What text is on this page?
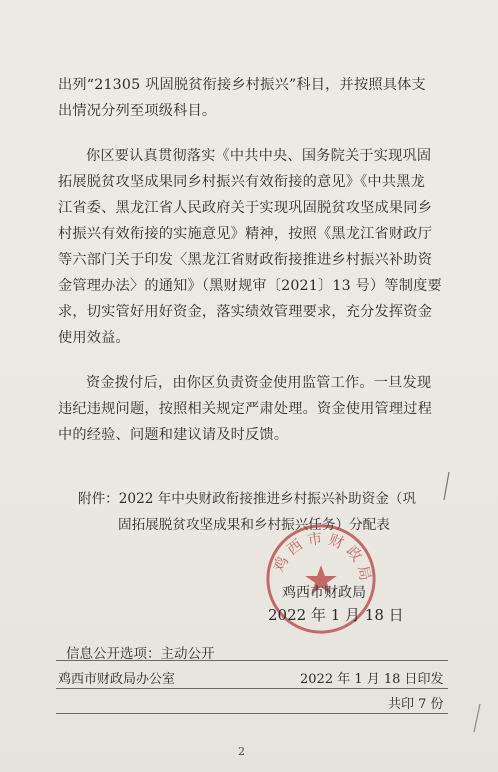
出列“21305 巩固脱贫衔接乡村振兴”科目，并按照具体支
出情况分列至项级科目。
你区要认真贯彻落实《中共中央、国务院关于实现巩固
拓展脱贫攻坚成果同乡村振兴有效衔接的意见》《中共黑龙
江省委、黑龙江省人民政府关于实现巩固脱贫攻坚成果同乡
村振兴有效衔接的实施意见》精神，按照《黑龙江省财政厅
等六部门关于印发〈黑龙江省财政衔接推进乡村振兴补助资
金管理办法〉的通知》（黑财规审〔2021〕13 号）等制度要
求，切实管好用好资金，落实绩效管理要求，充分发挥资金
使用效益。
资金拨付后，由你区负责资金使用监管工作。一旦发现
违纪违规问题，按照相关规定严肃处理。资金使用管理过程
中的经验、问题和建议请及时反馈。
附件：2022 年中央财政衔接推进乡村振兴补助资金（巩
固拓展脱贫攻坚成果和乡村振兴任务）分配表
鸡 西 市 财 政 局
鸡西市财政局
2022 年 1 月 18 日
信息公开选项：主动公开
鸡西市财政局办公室	2022 年 1 月 18 日印发
共印 7 份
2
